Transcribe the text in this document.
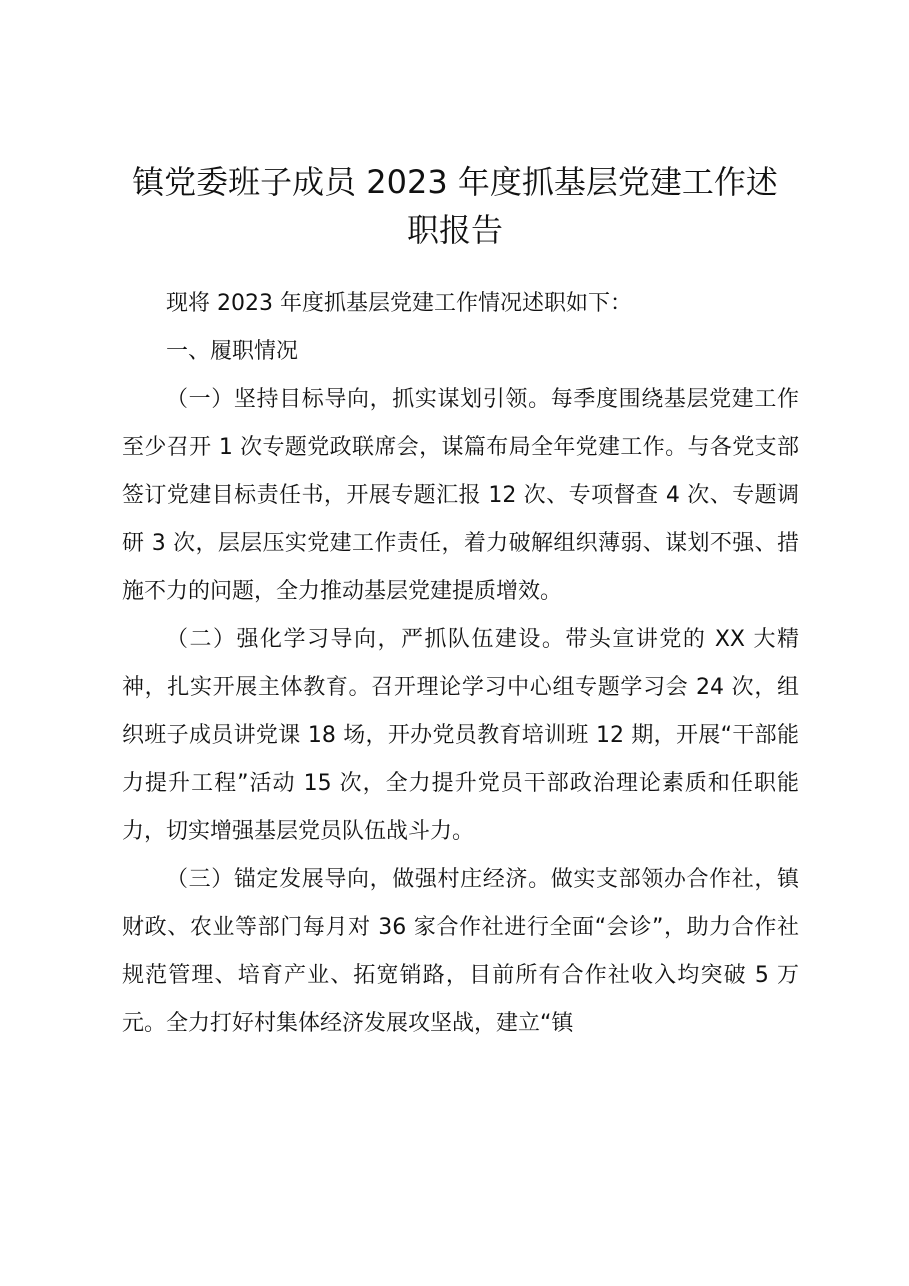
镇党委班子成员 2023 年度抓基层党建工作述
职报告

现将 2023 年度抓基层党建工作情况述职如下：

一、履职情况

（一）坚持目标导向，抓实谋划引领。每季度围绕基层党建工作至少召开 1 次专题党政联席会，谋篇布局全年党建工作。与各党支部签订党建目标责任书，开展专题汇报 12 次、专项督查 4 次、专题调研 3 次，层层压实党建工作责任，着力破解组织薄弱、谋划不强、措施不力的问题，全力推动基层党建提质增效。

（二）强化学习导向，严抓队伍建设。带头宣讲党的 XX 大精神，扎实开展主体教育。召开理论学习中心组专题学习会 24 次，组织班子成员讲党课 18 场，开办党员教育培训班 12 期，开展“干部能力提升工程”活动 15 次，全力提升党员干部政治理论素质和任职能力，切实增强基层党员队伍战斗力。

（三）锚定发展导向，做强村庄经济。做实支部领办合作社，镇财政、农业等部门每月对 36 家合作社进行全面“会诊”，助力合作社规范管理、培育产业、拓宽销路，目前所有合作社收入均突破 5 万元。全力打好村集体经济发展攻坚战，建立“镇
